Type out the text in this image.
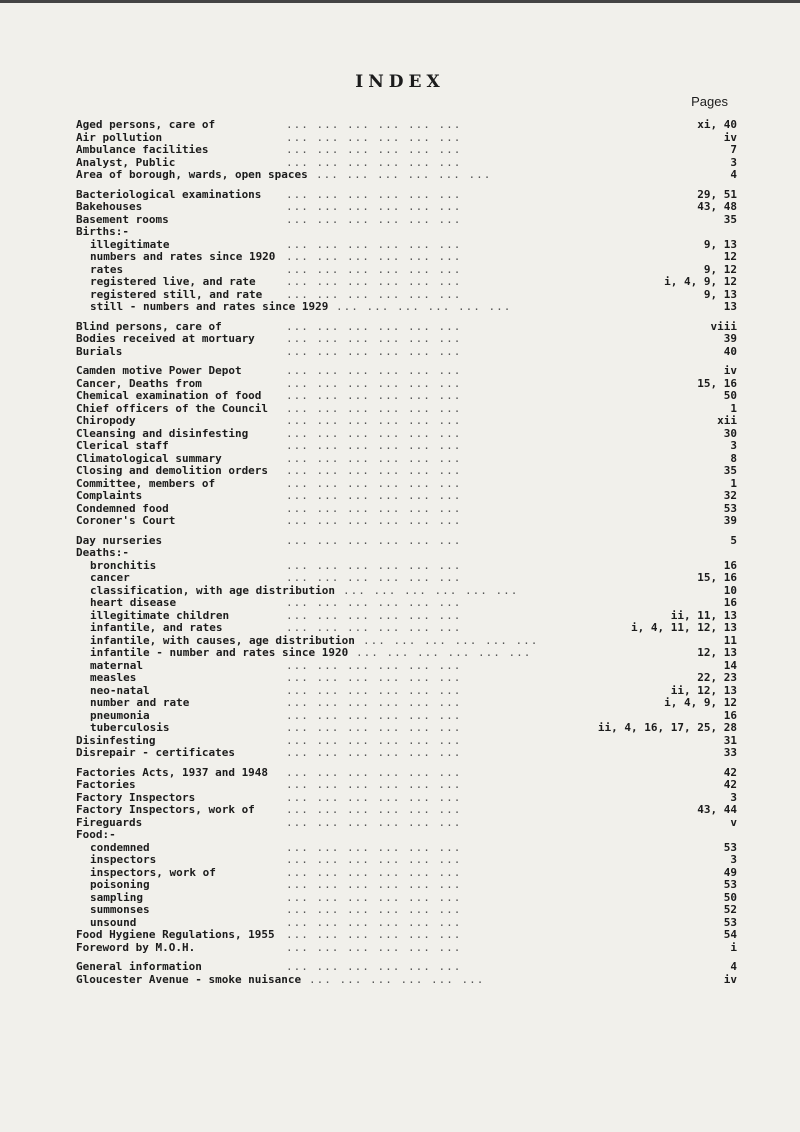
INDEX
Pages
Aged persons, care of	... ... ... ... ... ...	xi, 40
Air pollution	... ... ... ... ... ...	iv
Ambulance facilities	... ... ... ... ... ...	7
Analyst, Public	... ... ... ... ... ...	3
Area of borough, wards, open spaces ... ... ... ... ... ...	4
Bacteriological examinations ... ... ... ... ... ...	29, 51
Bakehouses	... ... ... ... ... ...	43, 48
Basement rooms	... ... ... ... ... ...	35
Births:-
illegitimate	... ... ... ... ... ...	9, 13
numbers and rates since 1920 ... ... ... ... ... ...	12
rates	... ... ... ... ... ...	9, 12
registered live, and rate	... ... ... ... ... ...	i, 4, 9, 12
registered still, and rate ... ... ... ... ... ...	9, 13
still - numbers and rates since 1929 ... ... ... ... ... ...	13
Blind persons, care of	... ... ... ... ... ...	viii
Bodies received at mortuary	... ... ... ... ... ...	39
Burials	... ... ... ... ... ...	40
Camden motive Power Depot	... ... ... ... ... ...	iv
Cancer, Deaths from	... ... ... ... ... ...	15, 16
Chemical examination of food ... ... ... ... ... ...	50
Chief officers of the Council ... ... ... ... ... ...	1
Chiropody	... ... ... ... ... ...	xii
Cleansing and disinfesting	... ... ... ... ... ...	30
Clerical staff	... ... ... ... ... ...	3
Climatological summary	... ... ... ... ... ...	8
Closing and demolition orders ... ... ... ... ... ...	35
Committee, members of	... ... ... ... ... ...	1
Complaints	... ... ... ... ... ...	32
Condemned food	... ... ... ... ... ...	53
Coroner's Court	... ... ... ... ... ...	39
Day nurseries	... ... ... ... ... ...	5
Deaths:-
bronchitis	... ... ... ... ... ...	16
cancer	... ... ... ... ... ...	15, 16
classification, with age distribution ... ... ... ... ... ...	10
heart disease	... ... ... ... ... ...	16
illegitimate children	... ... ... ... ... ...	ii, 11, 13
infantile, and rates	... ... ... ... ... ...	i, 4, 11, 12, 13
infantile, with causes, age distribution ... ... ... ... ... ...	11
infantile - number and rates since 1920 ... ... ... ... ... ...	12, 13
maternal	... ... ... ... ... ...	14
measles	... ... ... ... ... ...	22, 23
neo-natal	... ... ... ... ... ...	ii, 12, 13
number and rate	... ... ... ... ... ...	i, 4, 9, 12
pneumonia	... ... ... ... ... ...	16
tuberculosis	... ... ... ... ... ...	ii, 4, 16, 17, 25, 28
Disinfesting	... ... ... ... ... ...	31
Disrepair - certificates	... ... ... ... ... ...	33
Factories Acts, 1937 and 1948 ... ... ... ... ... ...	42
Factories	... ... ... ... ... ...	42
Factory Inspectors	... ... ... ... ... ...	3
Factory Inspectors, work of	... ... ... ... ... ...	43, 44
Fireguards	... ... ... ... ... ...	v
Food:-
condemned	... ... ... ... ... ...	53
inspectors	... ... ... ... ... ...	3
inspectors, work of	... ... ... ... ... ...	49
poisoning	... ... ... ... ... ...	53
sampling	... ... ... ... ... ...	50
summonses	... ... ... ... ... ...	52
unsound	... ... ... ... ... ...	53
Food Hygiene Regulations, 1955 ... ... ... ... ... ...	54
Foreword by M.O.H.	... ... ... ... ... ...	i
General information	... ... ... ... ... ...	4
Gloucester Avenue - smoke nuisance ... ... ... ... ... ...	iv
